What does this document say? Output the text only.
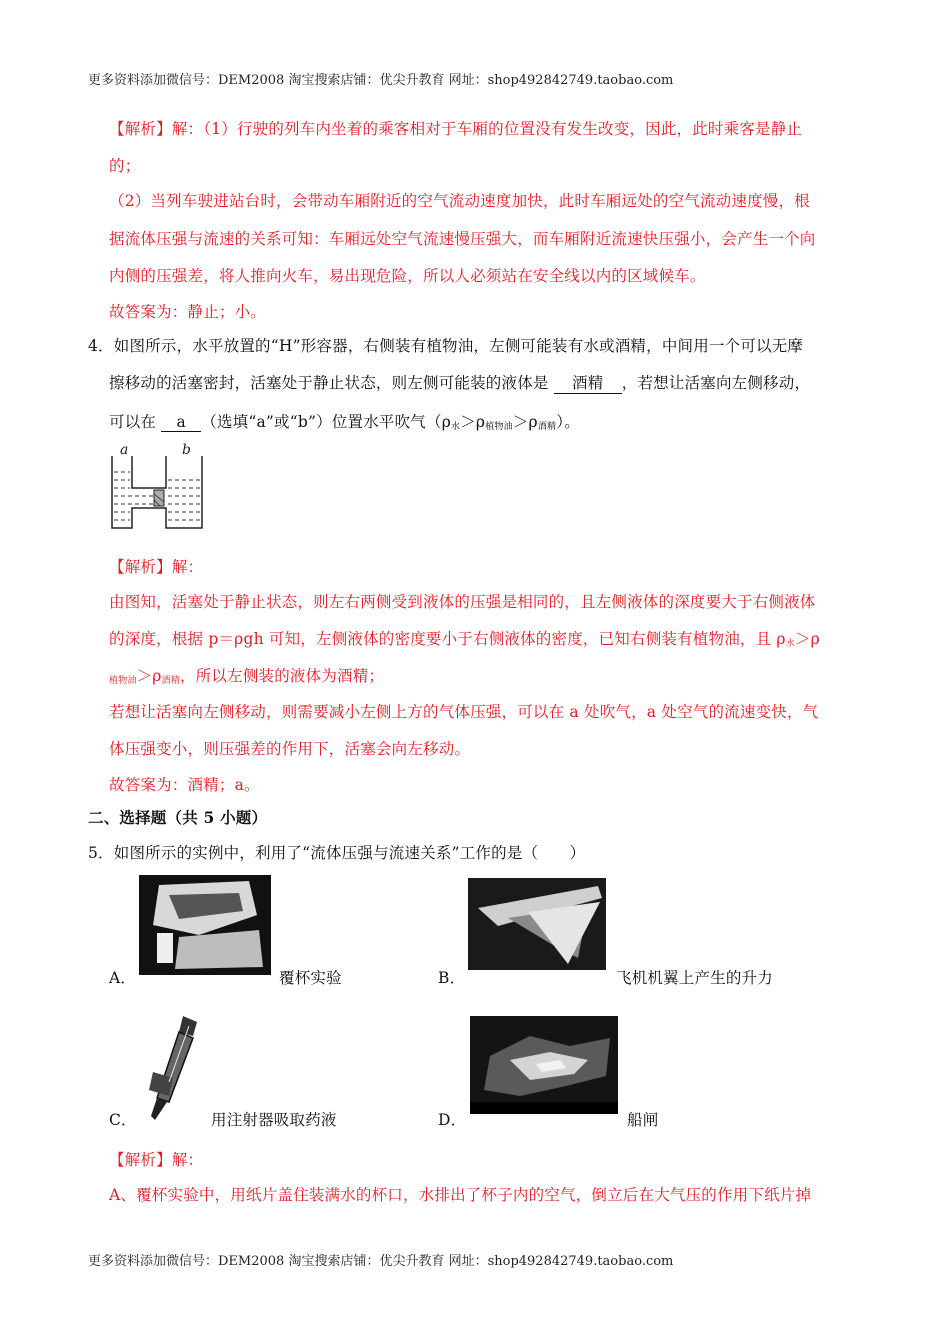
更多资料添加微信号：DEM2008 淘宝搜索店铺：优尖升教育 网址：shop492842749.taobao.com
【解析】解：（1）行驶的列车内坐着的乘客相对于车厢的位置没有发生改变，因此，此时乘客是静止
的；
（2）当列车驶进站台时，会带动车厢附近的空气流动速度加快，此时车厢远处的空气流动速度慢，根
据流体压强与流速的关系可知：车厢远处空气流速慢压强大，而车厢附近流速快压强小，会产生一个向
内侧的压强差，将人推向火车，易出现危险，所以人必须站在安全线以内的区域候车。
故答案为：静止；小。
4．如图所示，水平放置的“H”形容器，右侧装有植物油，左侧可能装有水或酒精，中间用一个可以无摩
擦移动的活塞密封，活塞处于静止状态，则左侧可能装的液体是 酒精 ，若想让活塞向左侧移动，
可以在 a （选填“a”或“b”）位置水平吹气$(\rho_水>\rho_{植物油}>\rho_{酒精})$。
a	b
【解析】解：
由图知，活塞处于静止状态，则左右两侧受到液体的压强是相同的，且左侧液体的深度要大于右侧液体
的深度，根据 p＝ρgh 可知，左侧液体的密度要小于右侧液体的密度，已知右侧装有植物油，且 $\rho_水>\rho$
$_{植物油}>\rho_{酒精}$，所以左侧装的液体为酒精；
若想让活塞向左侧移动，则需要减小左侧上方的气体压强，可以在 a 处吹气，a 处空气的流速变快，气
体压强变小，则压强差的作用下，活塞会向左移动。
故答案为：酒精；a。
二、选择题（共 5 小题）
5．如图所示的实例中，利用了“流体压强与流速关系”工作的是（　　）
A．	覆杯实验	B．	飞机机翼上产生的升力
C．	用注射器吸取药液	D．	船闸
【解析】解：
A、覆杯实验中，用纸片盖住装满水的杯口，水排出了杯子内的空气，倒立后在大气压的作用下纸片掉
更多资料添加微信号：DEM2008 淘宝搜索店铺：优尖升教育 网址：shop492842749.taobao.com
